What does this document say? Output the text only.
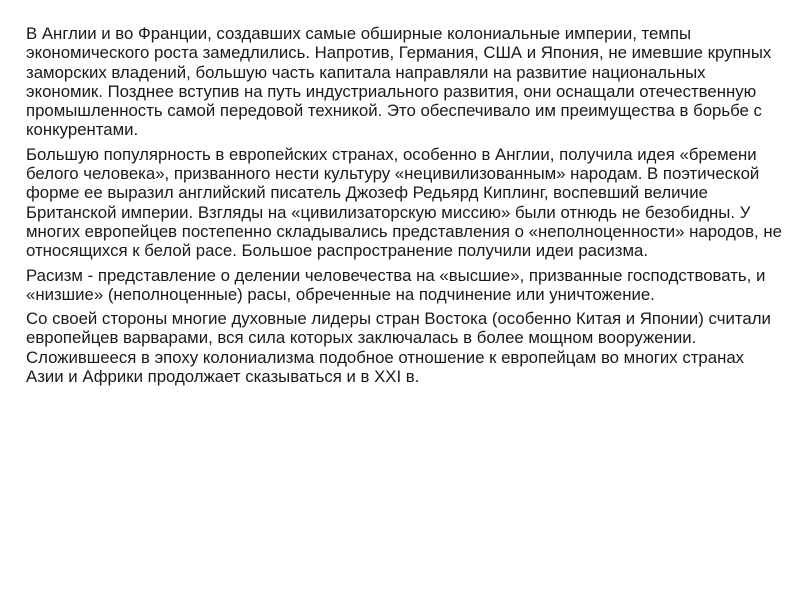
В Англии и во Франции, создавших самые обширные колониальные империи, темпы экономического роста замедлились. Напротив, Германия, США и Япония, не имевшие крупных заморских владений, большую часть капитала направляли на развитие национальных экономик. Позднее вступив на путь индустриального развития, они оснащали отечественную промышленность самой передовой техникой. Это обеспечивало им преимущества в борьбе с конкурентами.

Большую популярность в европейских странах, особенно в Англии, получила идея «бремени белого человека», призванного нести культуру «нецивилизованным» народам. В поэтической форме ее выразил английский писатель Джозеф Редьярд Киплинг, воспевший величие Британской империи. Взгляды на «цивилизаторскую миссию» были отнюдь не безобидны. У многих европейцев постепенно складывались представления о «неполноценности» народов, не относящихся к белой расе. Большое распространение получили идеи расизма.

Расизм - представление о делении человечества на «высшие», призванные господствовать, и «низшие» (неполноценные) расы, обреченные на подчинение или уничтожение.

Со своей стороны многие духовные лидеры стран Востока (особенно Китая и Японии) считали европейцев варварами, вся сила которых заключалась в более мощном вооружении. Сложившееся в эпоху колониализма подобное отношение к европейцам во многих странах Азии и Африки продолжает сказываться и в XXI в.
